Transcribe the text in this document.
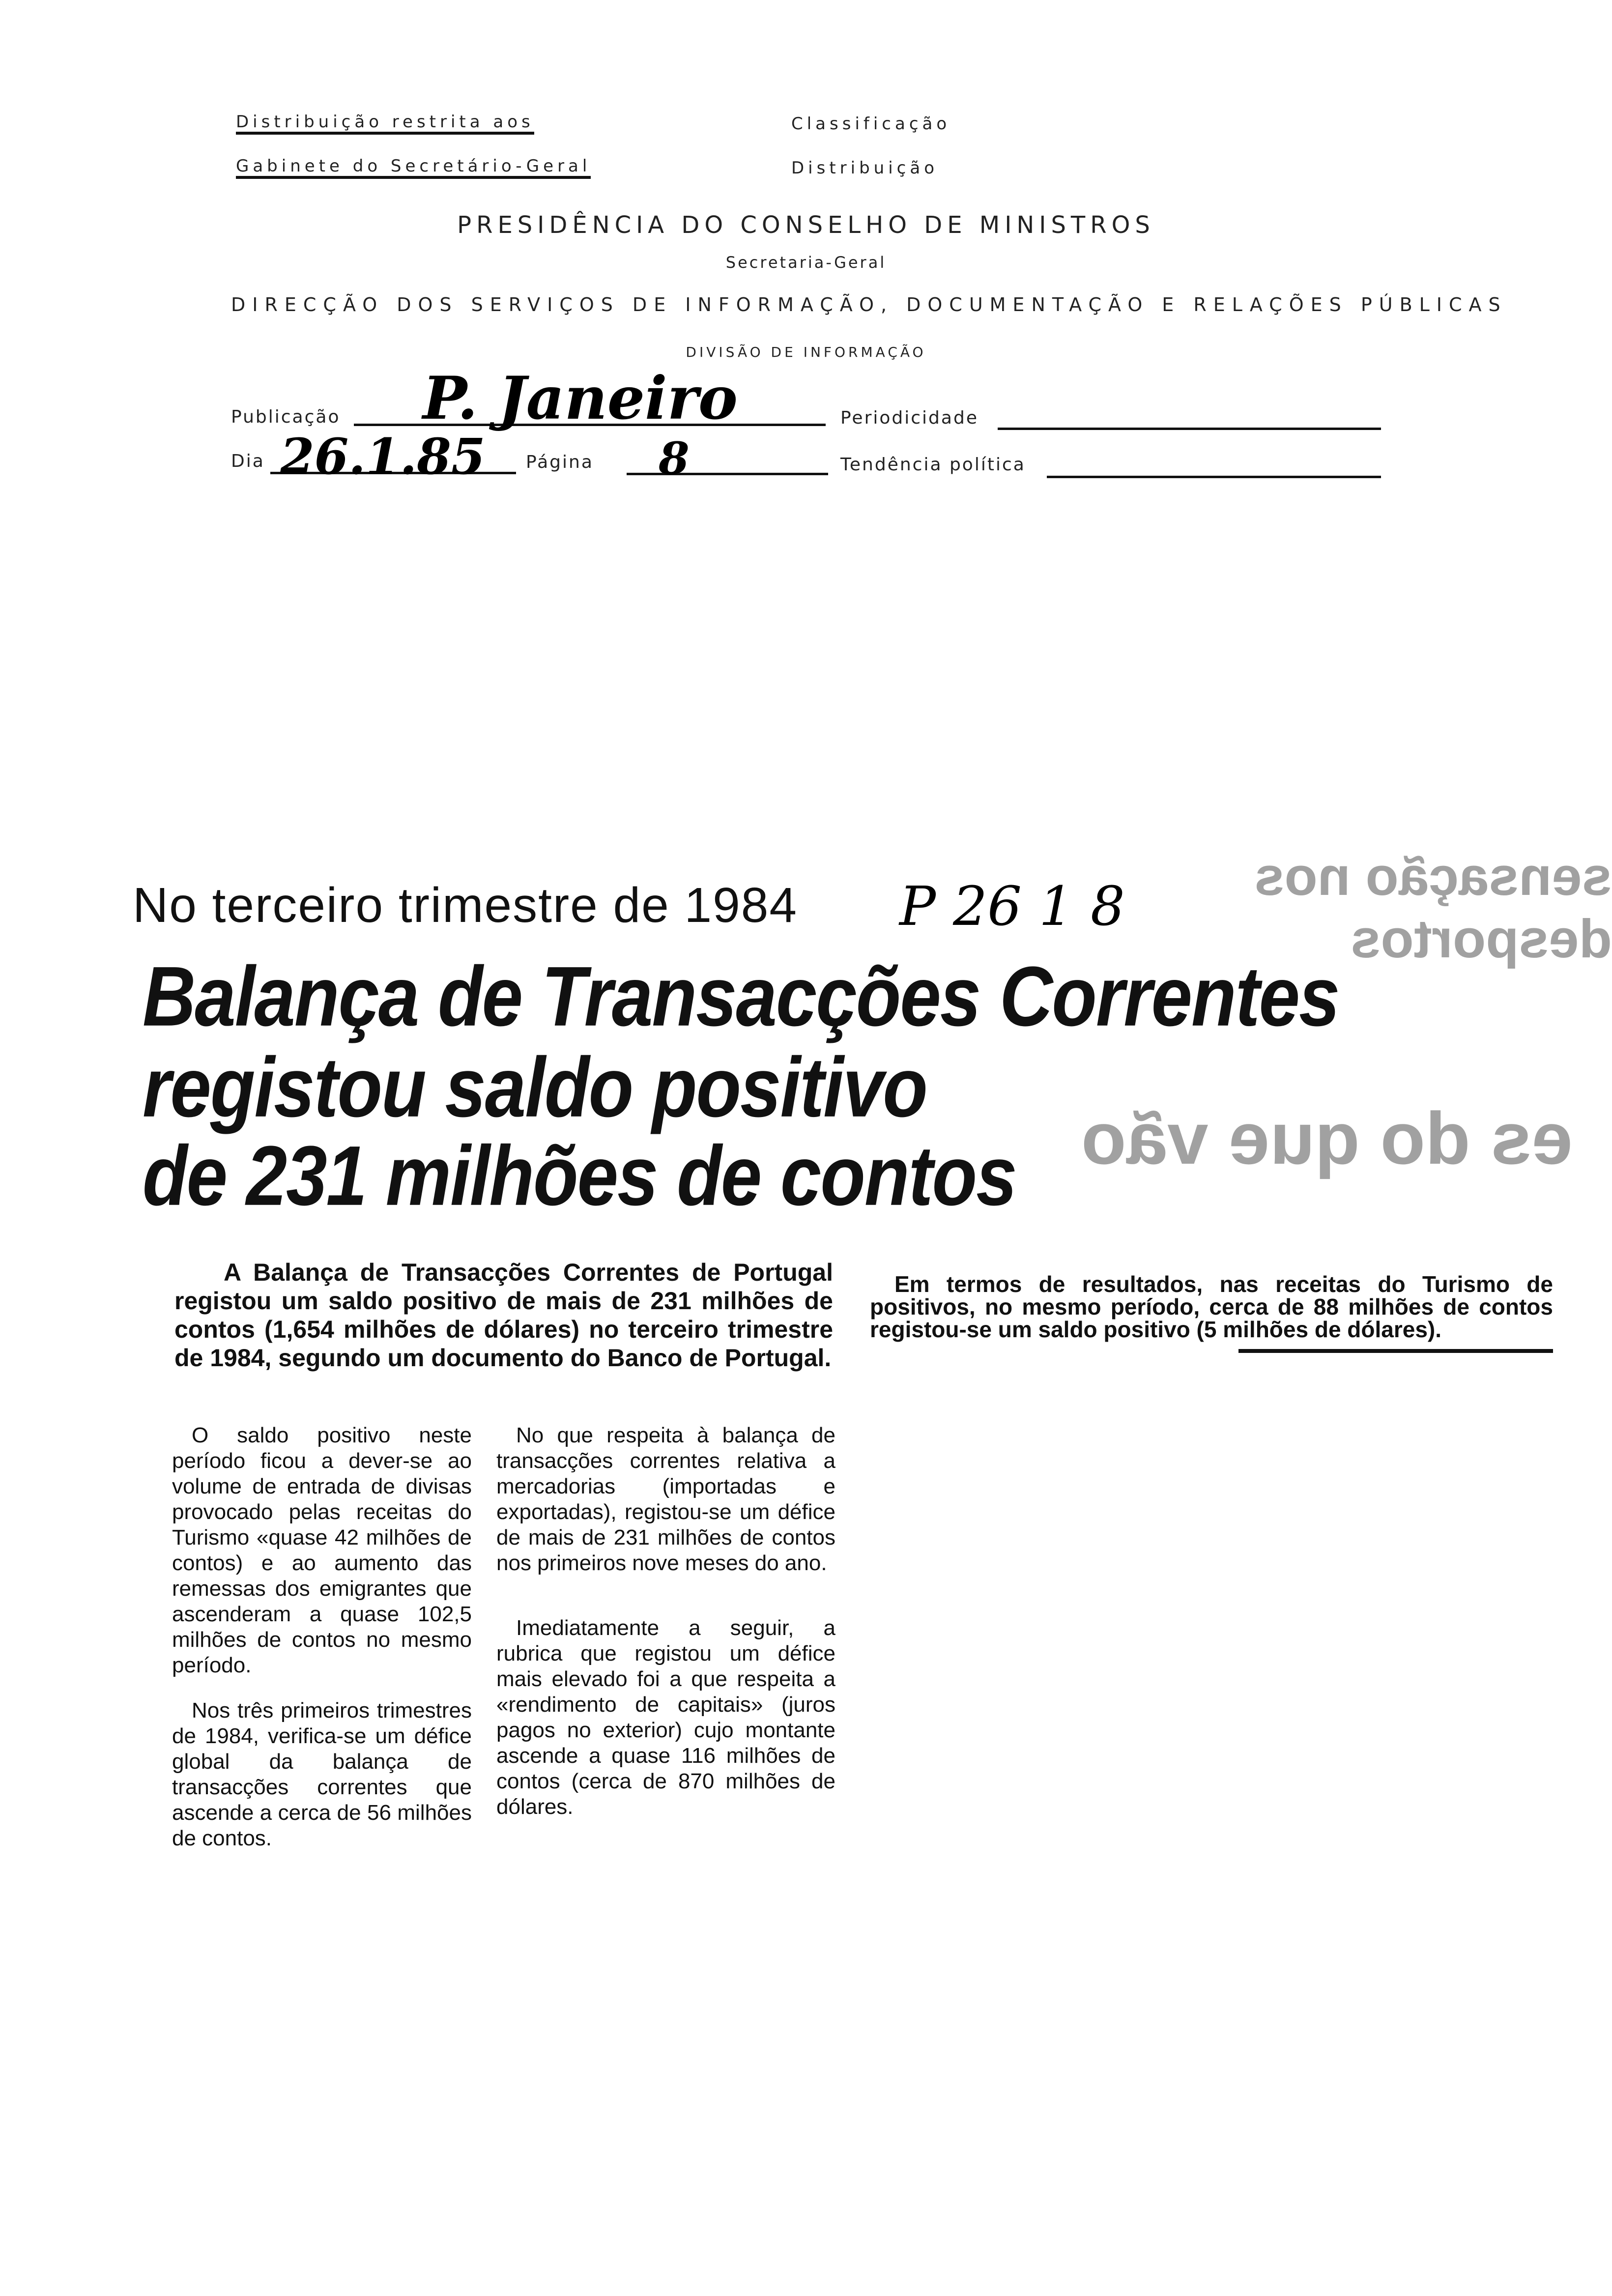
Distribuição restrita aos
Gabinete do Secretário-Geral
Classificação
Distribuição
PRESIDÊNCIA DO CONSELHO DE MINISTROS
Secretaria-Geral
DIRECÇÃO DOS SERVIÇOS DE INFORMAÇÃO, DOCUMENTAÇÃO E RELAÇÕES PÚBLICAS
DIVISÃO DE INFORMAÇÃO
Publicação P. Janeiro	Periodicidade
Dia 26.1.85 Página 8	Tendência política
sensação nos desportos
es do que vão
No terceiro trimestre de 1984 P 26 1 8
Balança de Transacções Correntes
registou saldo positivo
de 231 milhões de contos
A Balança de Transacções Correntes de Portugal registou um saldo positivo de mais de 231 milhões de contos (1,654 milhões de dólares) no terceiro trimestre de 1984, segundo um documento do Banco de Portugal.
Em termos de resultados, nas receitas do Turismo de positivos, no mesmo período, cerca de 88 milhões de contos registou-se um saldo positivo (5 milhões de dólares).

O saldo positivo neste período ficou a dever-se ao volume de entrada de divisas provocado pelas receitas do Turismo «quase 42 milhões de contos) e ao aumento das remessas dos emigrantes que ascenderam a quase 102,5 milhões de contos no mesmo período.

Nos três primeiros trimestres de 1984, verifica-se um défice global da balança de transacções correntes que ascende a cerca de 56 milhões de contos.

No que respeita à balança de transacções correntes relativa a mercadorias (importadas e exportadas), registou-se um défice de mais de 231 milhões de contos nos primeiros nove meses do ano.

Imediatamente a seguir, a rubrica que registou um défice mais elevado foi a que respeita a «rendimento de capitais» (juros pagos no exterior) cujo montante ascende a quase 116 milhões de contos (cerca de 870 milhões de dólares.
